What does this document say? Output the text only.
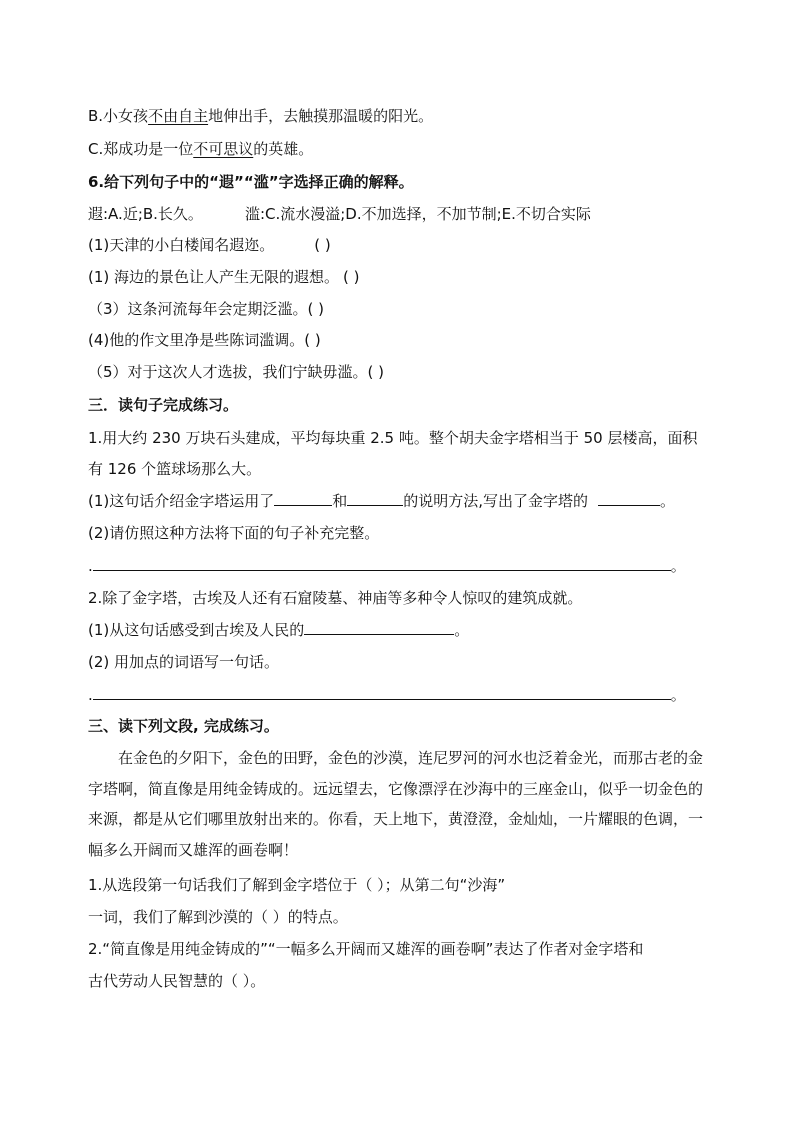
B.小女孩不由自主地伸出手，去触摸那温暖的阳光。
C.郑成功是一位不可思议的英雄。
6.给下列句子中的“遐”“滥”字选择正确的解释。
遐:A.近;B.长久。	滥:C.流水漫溢;D.不加选择，不加节制;E.不切合实际
(1)天津的小白楼闻名遐迩。	( )
(1) 海边的景色让人产生无限的遐想。 ( )
（3）这条河流每年会定期泛滥。( )
(4)他的作文里净是些陈词滥调。( )
（5）对于这次人才选拔，我们宁缺毋滥。( )
三．读句子完成练习。
1.用大约 230 万块石头建成，平均每块重 2.5 吨。整个胡夫金字塔相当于 50 层楼高，面积
有 126 个篮球场那么大。
(1)这句话介绍金字塔运用了	和	的说明方法,写出了金字塔的	。
(2)请仿照这种方法将下面的句子补充完整。
.	。
2.除了金字塔，古埃及人还有石窟陵墓、神庙等多种令人惊叹的建筑成就。
(1)从这句话感受到古埃及人民的	。
(2) 用加点的词语写一句话。
.	。
三、读下列文段, 完成练习。
在金色的夕阳下，金色的田野，金色的沙漠，连尼罗河的河水也泛着金光，而那古老的金字塔啊，简直像是用纯金铸成的。远远望去，它像漂浮在沙海中的三座金山，似乎一切金色的来源，都是从它们哪里放射出来的。你看，天上地下，黄澄澄，金灿灿，一片耀眼的色调，一幅多么开阔而又雄浑的画卷啊！
1.从选段第一句话我们了解到金字塔位于（ ）；从第二句“沙海”
一词，我们了解到沙漠的（ ）的特点。
2.“简直像是用纯金铸成的”“一幅多么开阔而又雄浑的画卷啊”表达了作者对金字塔和
古代劳动人民智慧的（ ）。
